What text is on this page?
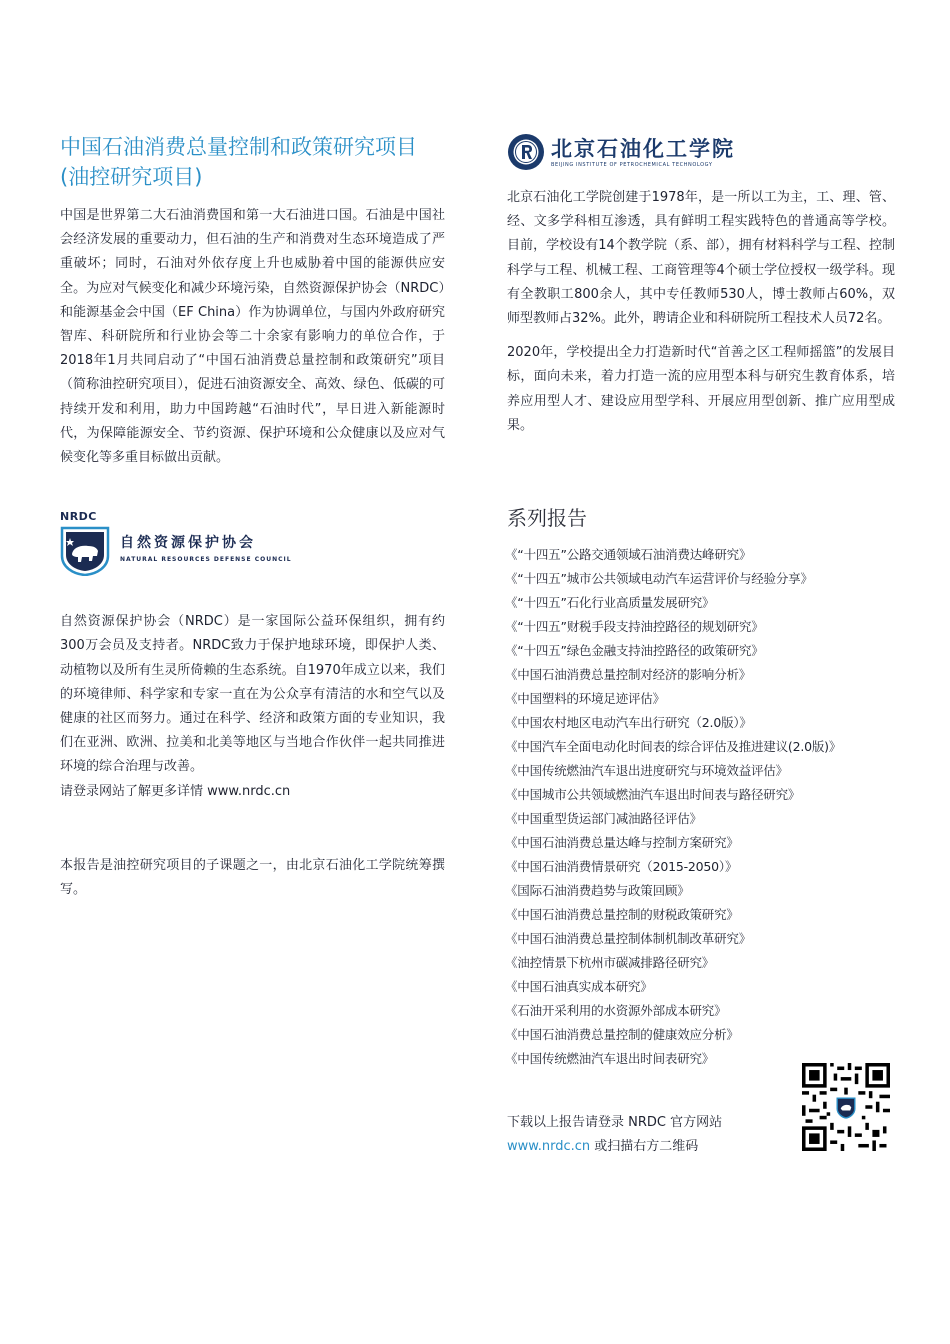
中国石油消费总量控制和政策研究项目
(油控研究项目)

中国是世界第二大石油消费国和第一大石油进口国。石油是中国社会经济发展的重要动力，但石油的生产和消费对生态环境造成了严重破坏；同时，石油对外依存度上升也威胁着中国的能源供应安全。为应对气候变化和减少环境污染，自然资源保护协会（NRDC）和能源基金会中国（EF China）作为协调单位，与国内外政府研究智库、科研院所和行业协会等二十余家有影响力的单位合作，于2018年1月共同启动了“中国石油消费总量控制和政策研究”项目（简称油控研究项目），促进石油资源安全、高效、绿色、低碳的可持续开发和利用，助力中国跨越“石油时代”，早日进入新能源时代，为保障能源安全、节约资源、保护环境和公众健康以及应对气候变化等多重目标做出贡献。

NRDC
自然资源保护协会
NATURAL RESOURCES DEFENSE COUNCIL

自然资源保护协会（NRDC）是一家国际公益环保组织，拥有约300万会员及支持者。NRDC致力于保护地球环境，即保护人类、动植物以及所有生灵所倚赖的生态系统。自1970年成立以来，我们的环境律师、科学家和专家一直在为公众享有清洁的水和空气以及健康的社区而努力。通过在科学、经济和政策方面的专业知识，我们在亚洲、欧洲、拉美和北美等地区与当地合作伙伴一起共同推进环境的综合治理与改善。

请登录网站了解更多详情 www.nrdc.cn

本报告是油控研究项目的子课题之一，由北京石油化工学院统筹撰写。

北京石油化工学院
BEIJING INSTITUTE OF PETROCHEMICAL TECHNOLOGY

北京石油化工学院创建于1978年，是一所以工为主，工、理、管、经、文多学科相互渗透，具有鲜明工程实践特色的普通高等学校。目前，学校设有14个教学院（系、部），拥有材料科学与工程、控制科学与工程、机械工程、工商管理等4个硕士学位授权一级学科。现有全教职工800余人，其中专任教师530人，博士教师占60%，双师型教师占32%。此外，聘请企业和科研院所工程技术人员72名。

2020年，学校提出全力打造新时代“首善之区工程师摇篮”的发展目标，面向未来，着力打造一流的应用型本科与研究生教育体系，培养应用型人才、建设应用型学科、开展应用型创新、推广应用型成果。

系列报告
《“十四五”公路交通领域石油消费达峰研究》
《“十四五”城市公共领域电动汽车运营评价与经验分享》
《“十四五”石化行业高质量发展研究》
《“十四五”财税手段支持油控路径的规划研究》
《“十四五”绿色金融支持油控路径的政策研究》
《中国石油消费总量控制对经济的影响分析》
《中国塑料的环境足迹评估》
《中国农村地区电动汽车出行研究（2.0版）》
《中国汽车全面电动化时间表的综合评估及推进建议(2.0版)》
《中国传统燃油汽车退出进度研究与环境效益评估》
《中国城市公共领域燃油汽车退出时间表与路径研究》
《中国重型货运部门减油路径评估》
《中国石油消费总量达峰与控制方案研究》
《中国石油消费情景研究（2015-2050）》
《国际石油消费趋势与政策回顾》
《中国石油消费总量控制的财税政策研究》
《中国石油消费总量控制体制机制改革研究》
《油控情景下杭州市碳减排路径研究》
《中国石油真实成本研究》
《石油开采利用的水资源外部成本研究》
《中国石油消费总量控制的健康效应分析》
《中国传统燃油汽车退出时间表研究》
下载以上报告请登录 NRDC 官方网站
www.nrdc.cn 或扫描右方二维码
